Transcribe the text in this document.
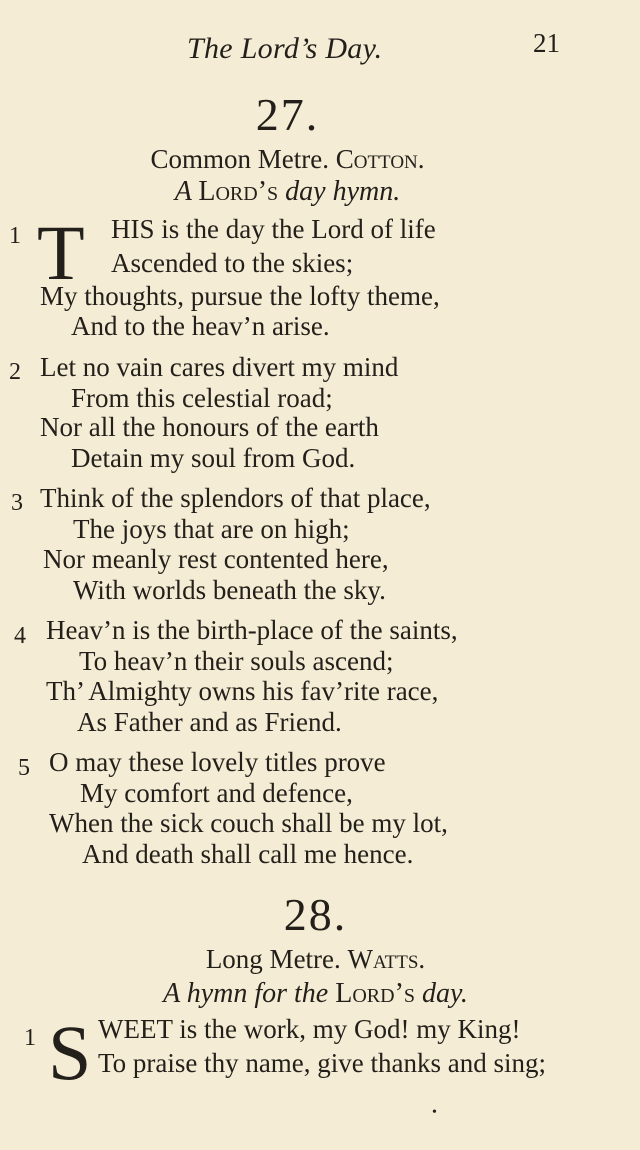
The Lord’s Day.	21
27.
Common Metre. Cotton.
A Lord’s day hymn.
1 T HIS is the day the Lord of life
Ascended to the skies;
My thoughts, pursue the lofty theme,
And to the heav’n arise.
2 Let no vain cares divert my mind
From this celestial road;
Nor all the honours of the earth
Detain my soul from God.
3 Think of the splendors of that place,
The joys that are on high;
Nor meanly rest contented here,
With worlds beneath the sky.
4 Heav’n is the birth-place of the saints,
To heav’n their souls ascend;
Th’ Almighty owns his fav’rite race,
As Father and as Friend.
5 O may these lovely titles prove
My comfort and defence,
When the sick couch shall be my lot,
And death shall call me hence.
28.
Long Metre. Watts.
A hymn for the Lord’s day.
1 S WEET is the work, my God! my King!
To praise thy name, give thanks and sing;
•
